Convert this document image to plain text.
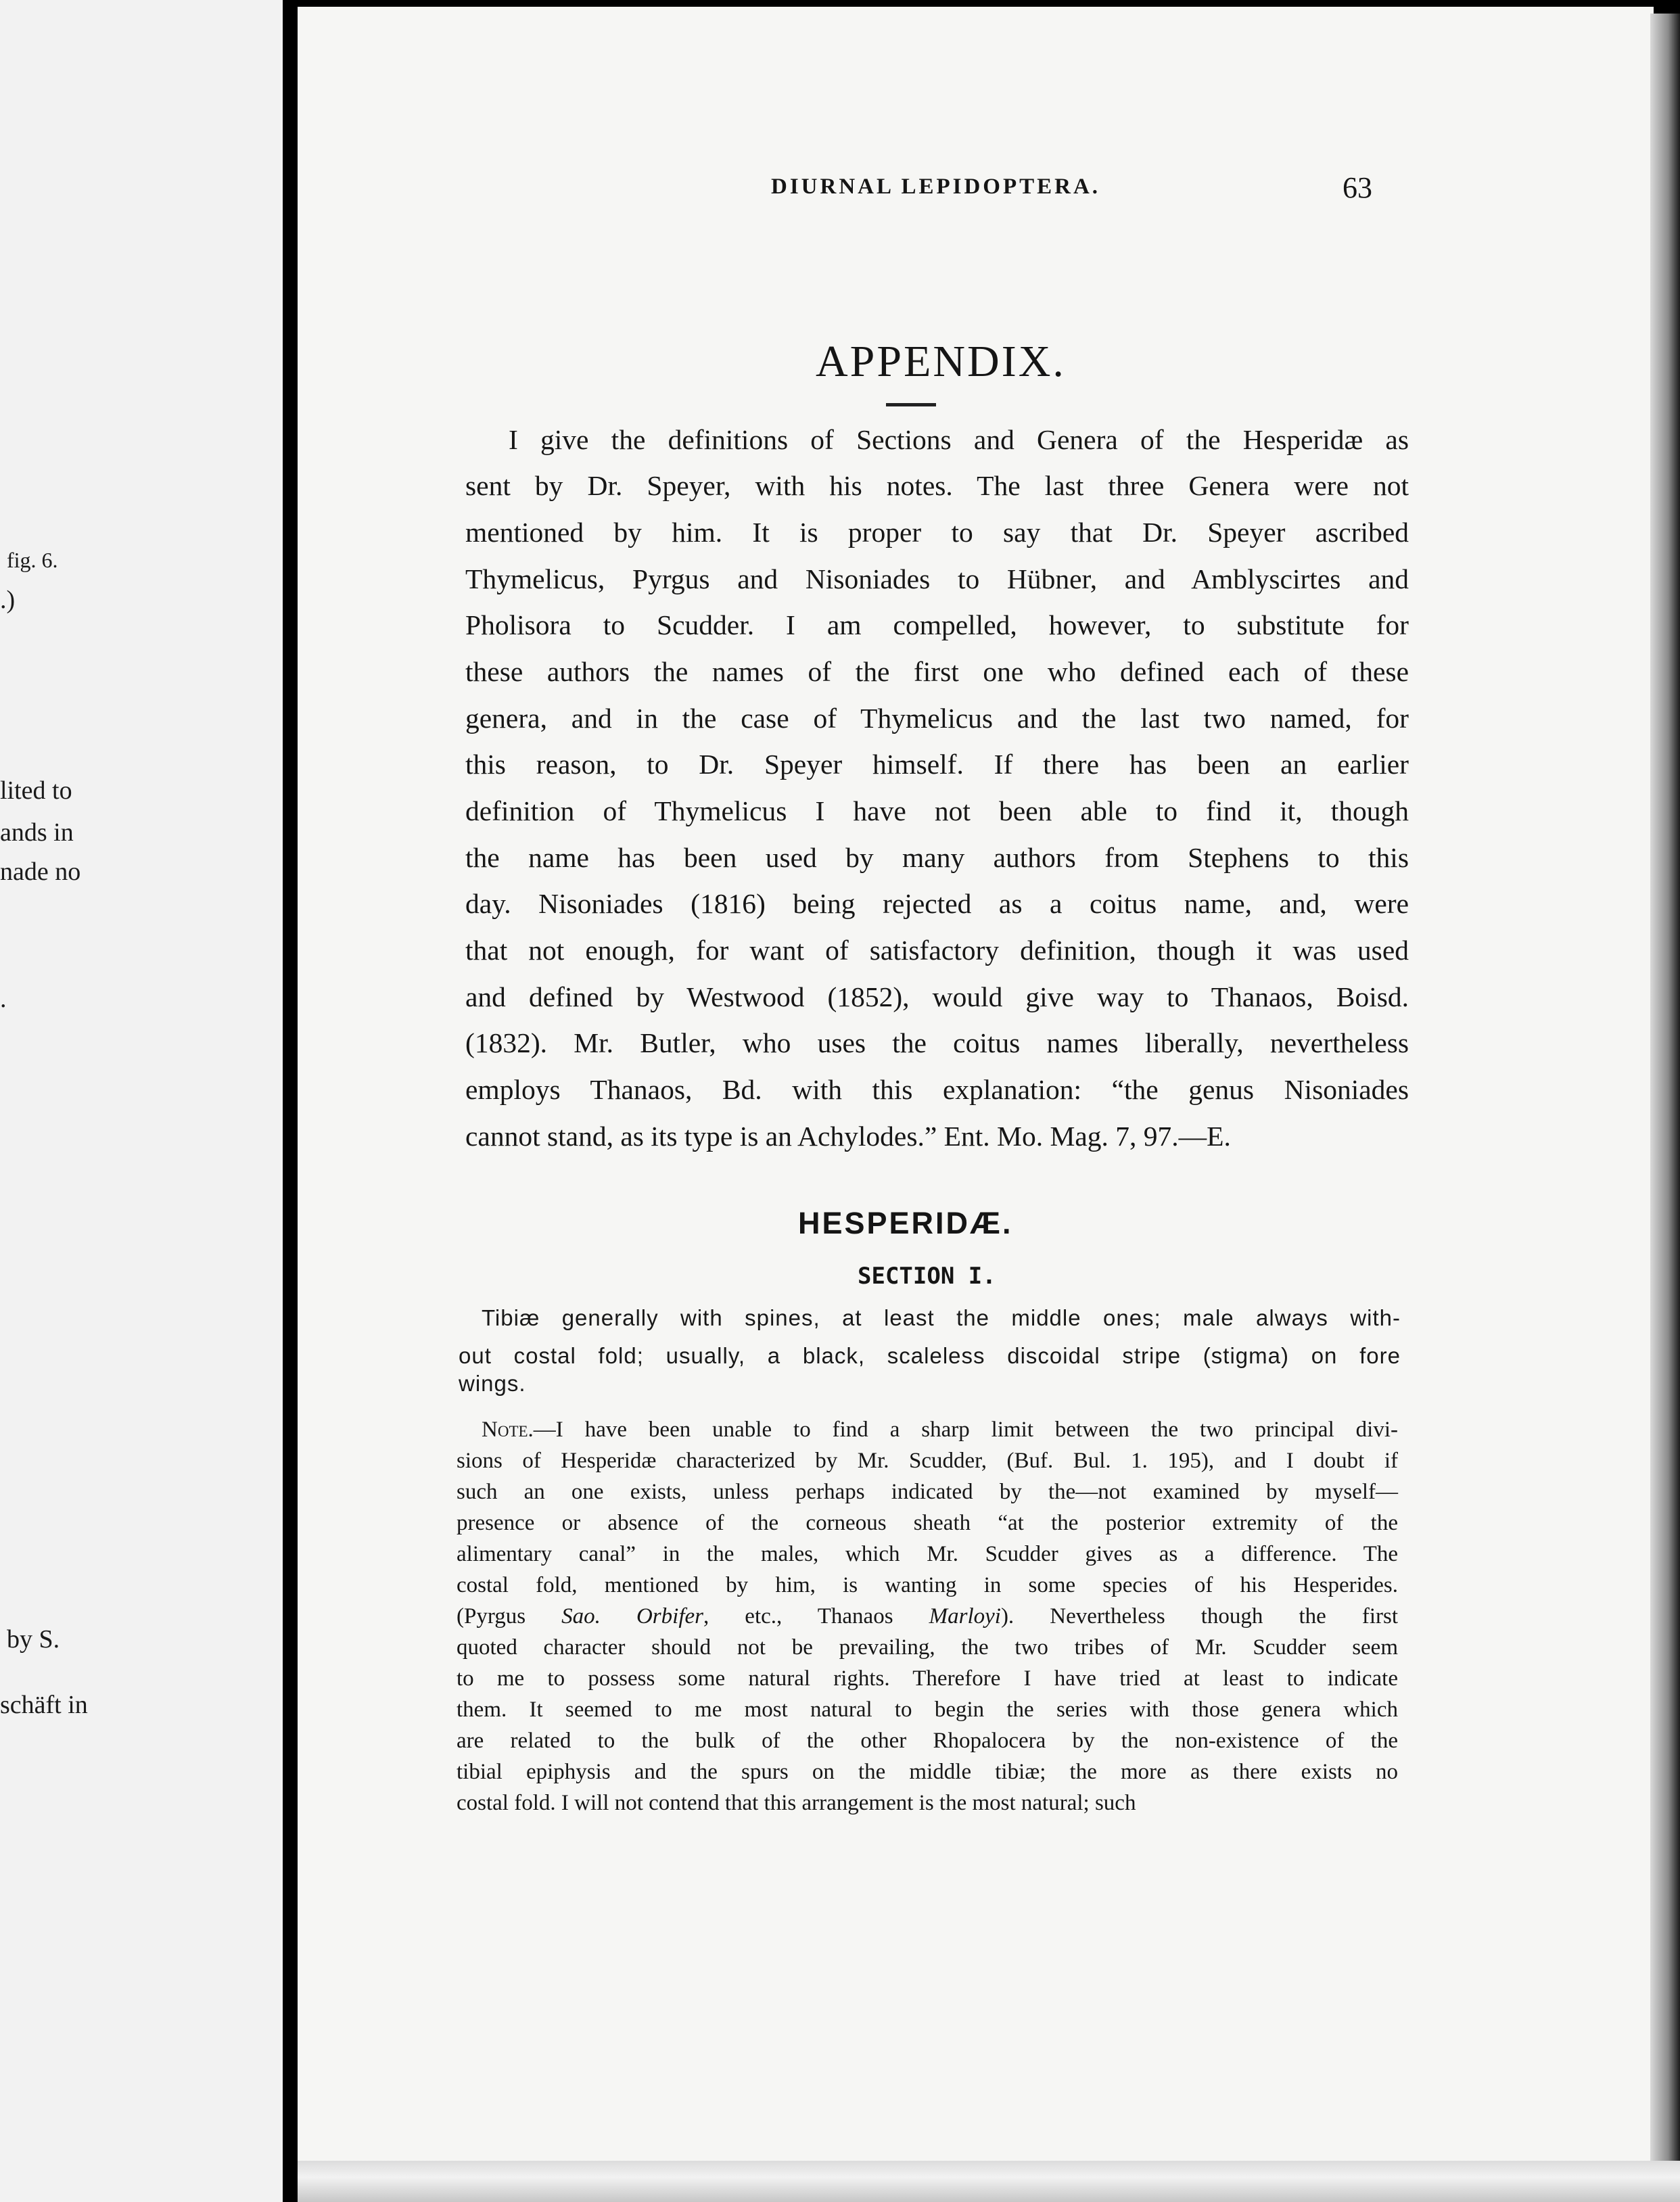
fig. 6.
.)
lited to
ands in
nade no
.
by S.
schäft in
DIURNAL LEPIDOPTERA.	63
APPENDIX.
I give the definitions of Sections and Genera of the Hesperidæ as
sent by Dr. Speyer, with his notes. The last three Genera were not
mentioned by him. It is proper to say that Dr. Speyer ascribed
Thymelicus, Pyrgus and Nisoniades to Hübner, and Amblyscirtes and
Pholisora to Scudder. I am compelled, however, to substitute for
these authors the names of the first one who defined each of these
genera, and in the case of Thymelicus and the last two named, for
this reason, to Dr. Speyer himself. If there has been an earlier
definition of Thymelicus I have not been able to find it, though
the name has been used by many authors from Stephens to this
day. Nisoniades (1816) being rejected as a coitus name, and, were
that not enough, for want of satisfactory definition, though it was used
and defined by Westwood (1852), would give way to Thanaos, Boisd.
(1832). Mr. Butler, who uses the coitus names liberally, nevertheless
employs Thanaos, Bd. with this explanation: “the genus Nisoniades
cannot stand, as its type is an Achylodes.” Ent. Mo. Mag. 7, 97.—E.
HESPERIDÆ.
SECTION I.
Tibiæ generally with spines, at least the middle ones; male always with-
out costal fold; usually, a black, scaleless discoidal stripe (stigma) on fore
wings.
Note.—I have been unable to find a sharp limit between the two principal divi-
sions of Hesperidæ characterized by Mr. Scudder, (Buf. Bul. 1. 195), and I doubt if
such an one exists, unless perhaps indicated by the—not examined by myself—
presence or absence of the corneous sheath “at the posterior extremity of the
alimentary canal” in the males, which Mr. Scudder gives as a difference. The
costal fold, mentioned by him, is wanting in some species of his Hesperides.
(Pyrgus Sao. Orbifer, etc., Thanaos Marloyi). Nevertheless though the first
quoted character should not be prevailing, the two tribes of Mr. Scudder seem
to me to possess some natural rights. Therefore I have tried at least to indicate
them. It seemed to me most natural to begin the series with those genera which
are related to the bulk of the other Rhopalocera by the non-existence of the
tibial epiphysis and the spurs on the middle tibiæ; the more as there exists no
costal fold. I will not contend that this arrangement is the most natural; such
